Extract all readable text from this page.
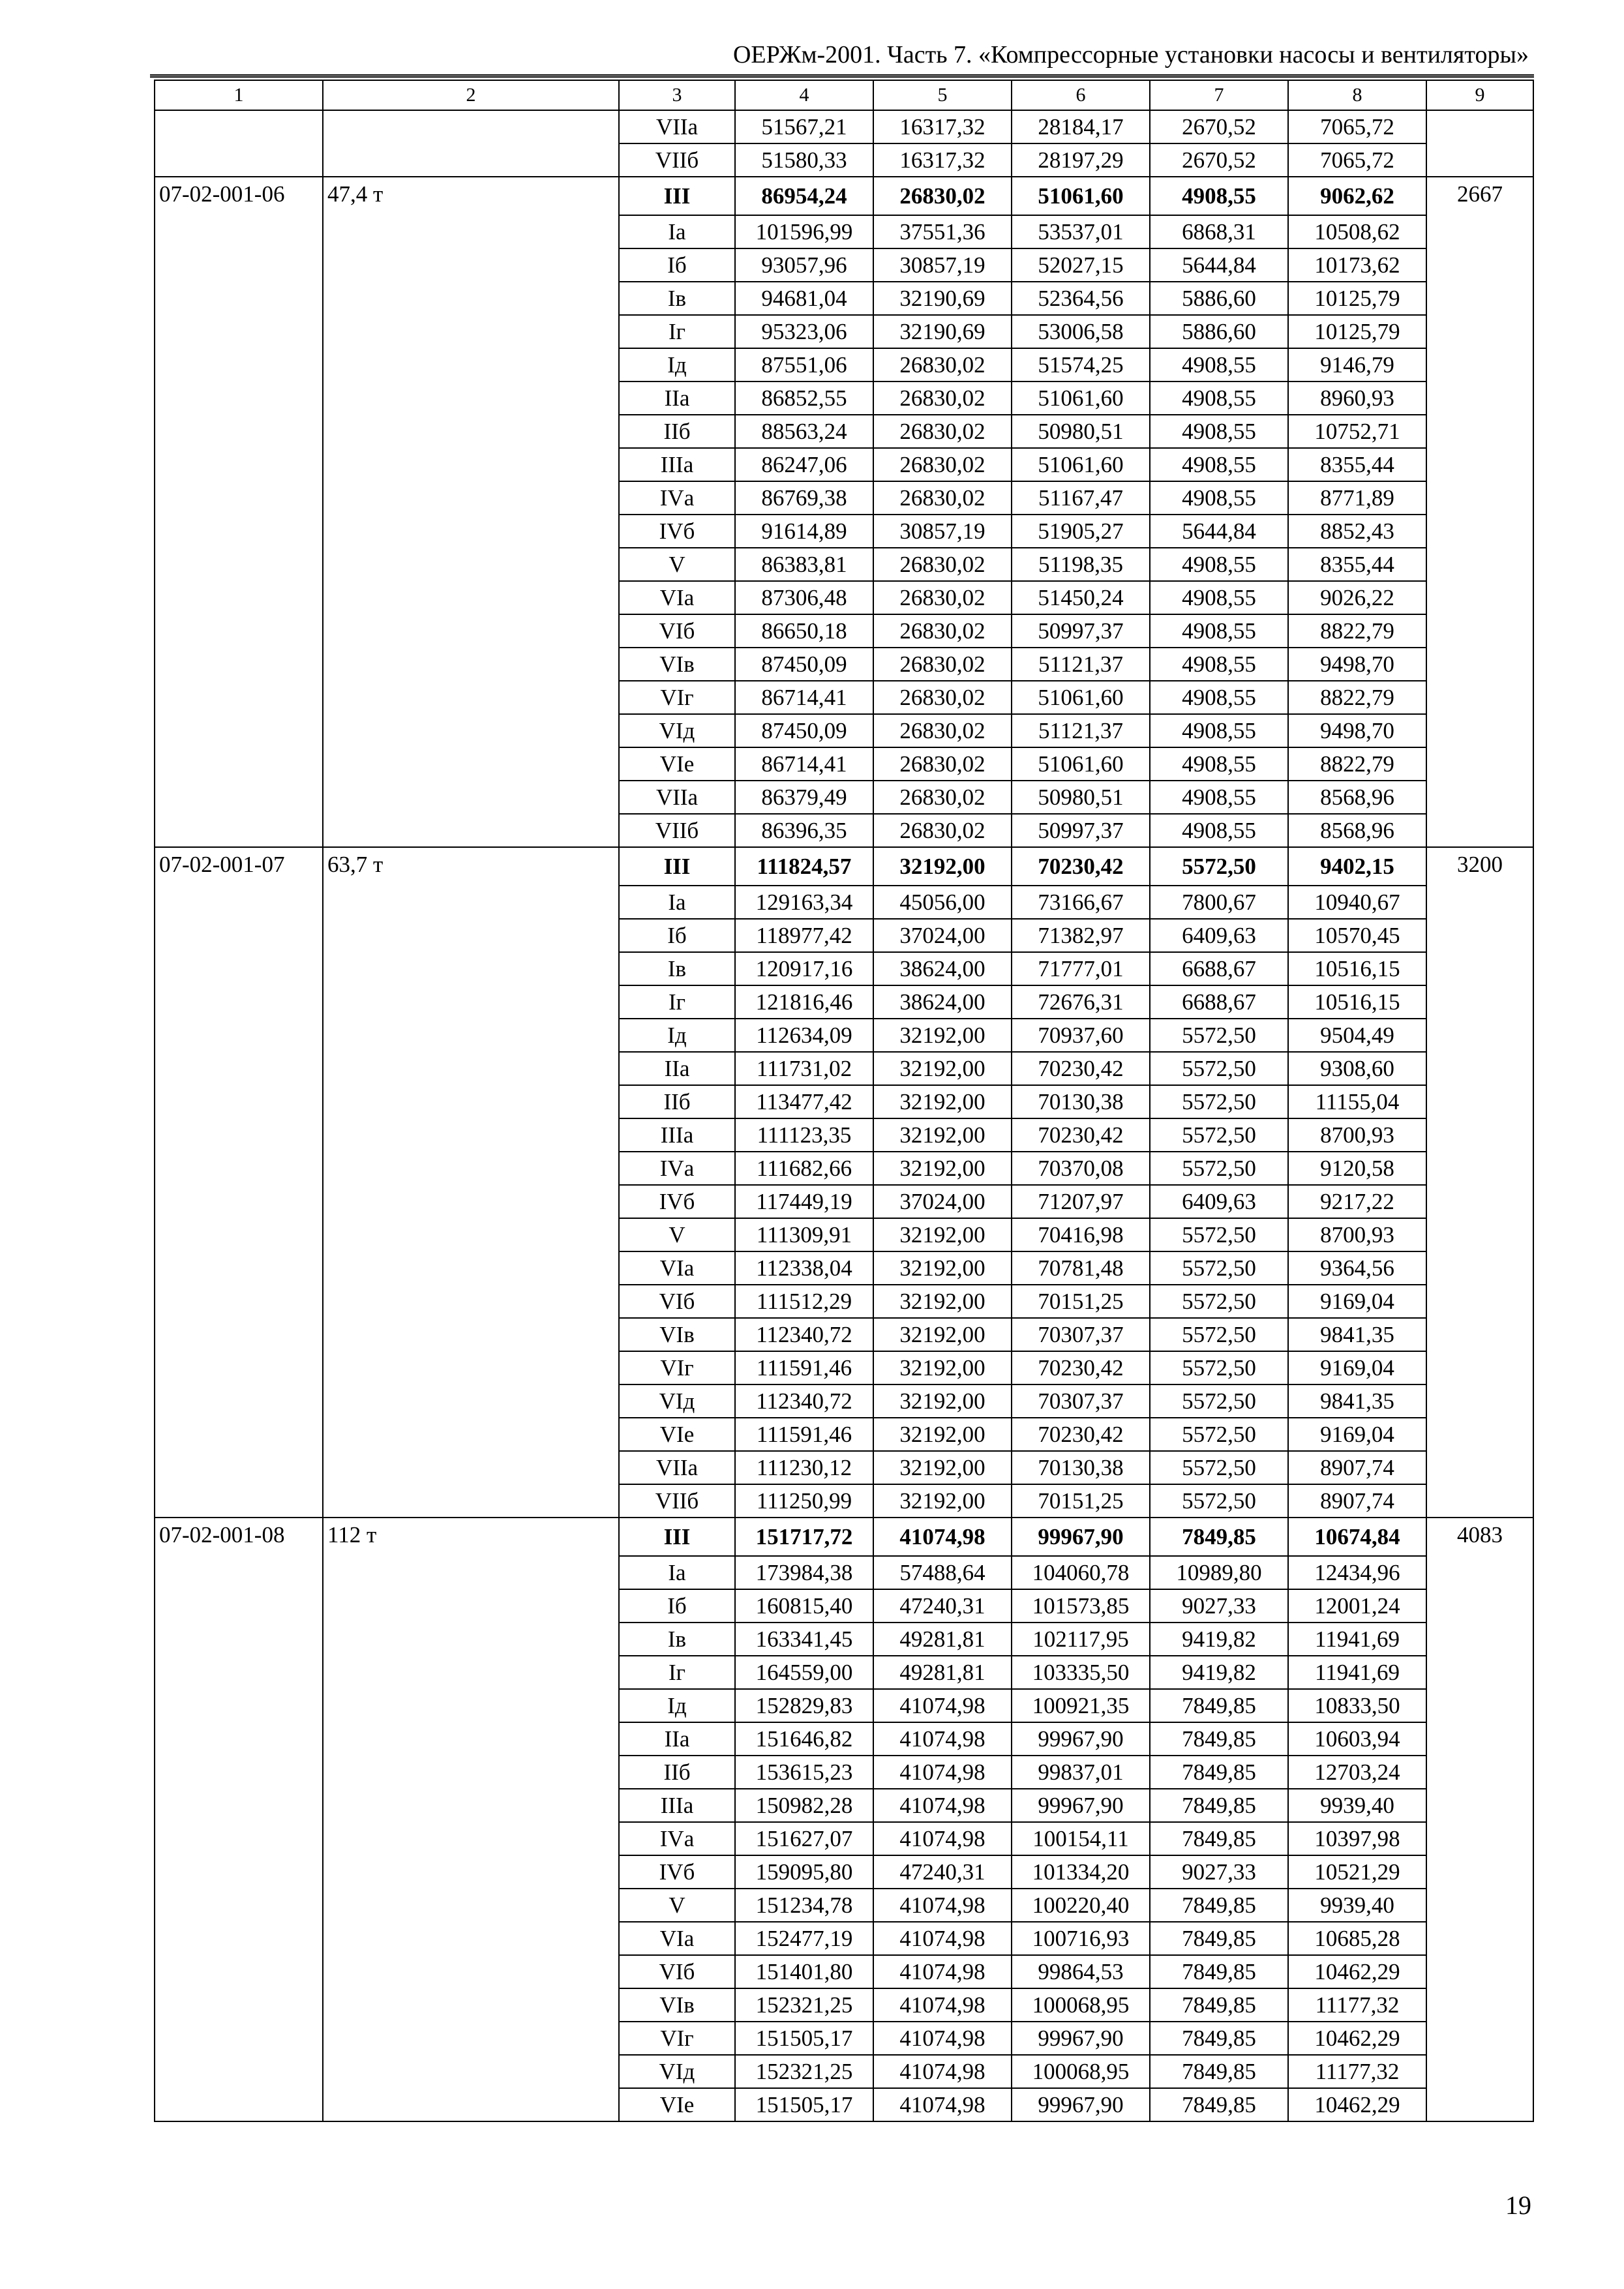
ОЕРЖм-2001. Часть 7. «Компрессорные установки насосы и вентиляторы»
1	2	3	4	5	6	7	8	9
		VIIа	51567,21	16317,32	28184,17	2670,52	7065,72	
		VIIб	51580,33	16317,32	28197,29	2670,52	7065,72	
07-02-001-06	47,4 т	III	86954,24	26830,02	51061,60	4908,55	9062,62	2667
		Iа	101596,99	37551,36	53537,01	6868,31	10508,62	
		Iб	93057,96	30857,19	52027,15	5644,84	10173,62	
		Iв	94681,04	32190,69	52364,56	5886,60	10125,79	
		Iг	95323,06	32190,69	53006,58	5886,60	10125,79	
		Iд	87551,06	26830,02	51574,25	4908,55	9146,79	
		IIа	86852,55	26830,02	51061,60	4908,55	8960,93	
		IIб	88563,24	26830,02	50980,51	4908,55	10752,71	
		IIIа	86247,06	26830,02	51061,60	4908,55	8355,44	
		IVа	86769,38	26830,02	51167,47	4908,55	8771,89	
		IVб	91614,89	30857,19	51905,27	5644,84	8852,43	
		V	86383,81	26830,02	51198,35	4908,55	8355,44	
		VIа	87306,48	26830,02	51450,24	4908,55	9026,22	
		VIб	86650,18	26830,02	50997,37	4908,55	8822,79	
		VIв	87450,09	26830,02	51121,37	4908,55	9498,70	
		VIг	86714,41	26830,02	51061,60	4908,55	8822,79	
		VIд	87450,09	26830,02	51121,37	4908,55	9498,70	
		VIе	86714,41	26830,02	51061,60	4908,55	8822,79	
		VIIа	86379,49	26830,02	50980,51	4908,55	8568,96	
		VIIб	86396,35	26830,02	50997,37	4908,55	8568,96	
07-02-001-07	63,7 т	III	111824,57	32192,00	70230,42	5572,50	9402,15	3200
		Iа	129163,34	45056,00	73166,67	7800,67	10940,67	
		Iб	118977,42	37024,00	71382,97	6409,63	10570,45	
		Iв	120917,16	38624,00	71777,01	6688,67	10516,15	
		Iг	121816,46	38624,00	72676,31	6688,67	10516,15	
		Iд	112634,09	32192,00	70937,60	5572,50	9504,49	
		IIа	111731,02	32192,00	70230,42	5572,50	9308,60	
		IIб	113477,42	32192,00	70130,38	5572,50	11155,04	
		IIIа	111123,35	32192,00	70230,42	5572,50	8700,93	
		IVа	111682,66	32192,00	70370,08	5572,50	9120,58	
		IVб	117449,19	37024,00	71207,97	6409,63	9217,22	
		V	111309,91	32192,00	70416,98	5572,50	8700,93	
		VIа	112338,04	32192,00	70781,48	5572,50	9364,56	
		VIб	111512,29	32192,00	70151,25	5572,50	9169,04	
		VIв	112340,72	32192,00	70307,37	5572,50	9841,35	
		VIг	111591,46	32192,00	70230,42	5572,50	9169,04	
		VIд	112340,72	32192,00	70307,37	5572,50	9841,35	
		VIе	111591,46	32192,00	70230,42	5572,50	9169,04	
		VIIа	111230,12	32192,00	70130,38	5572,50	8907,74	
		VIIб	111250,99	32192,00	70151,25	5572,50	8907,74	
07-02-001-08	112 т	III	151717,72	41074,98	99967,90	7849,85	10674,84	4083
		Iа	173984,38	57488,64	104060,78	10989,80	12434,96	
		Iб	160815,40	47240,31	101573,85	9027,33	12001,24	
		Iв	163341,45	49281,81	102117,95	9419,82	11941,69	
		Iг	164559,00	49281,81	103335,50	9419,82	11941,69	
		Iд	152829,83	41074,98	100921,35	7849,85	10833,50	
		IIа	151646,82	41074,98	99967,90	7849,85	10603,94	
		IIб	153615,23	41074,98	99837,01	7849,85	12703,24	
		IIIа	150982,28	41074,98	99967,90	7849,85	9939,40	
		IVа	151627,07	41074,98	100154,11	7849,85	10397,98	
		IVб	159095,80	47240,31	101334,20	9027,33	10521,29	
		V	151234,78	41074,98	100220,40	7849,85	9939,40	
		VIа	152477,19	41074,98	100716,93	7849,85	10685,28	
		VIб	151401,80	41074,98	99864,53	7849,85	10462,29	
		VIв	152321,25	41074,98	100068,95	7849,85	11177,32	
		VIг	151505,17	41074,98	99967,90	7849,85	10462,29	
		VIд	152321,25	41074,98	100068,95	7849,85	11177,32	
		VIе	151505,17	41074,98	99967,90	7849,85	10462,29	
19
